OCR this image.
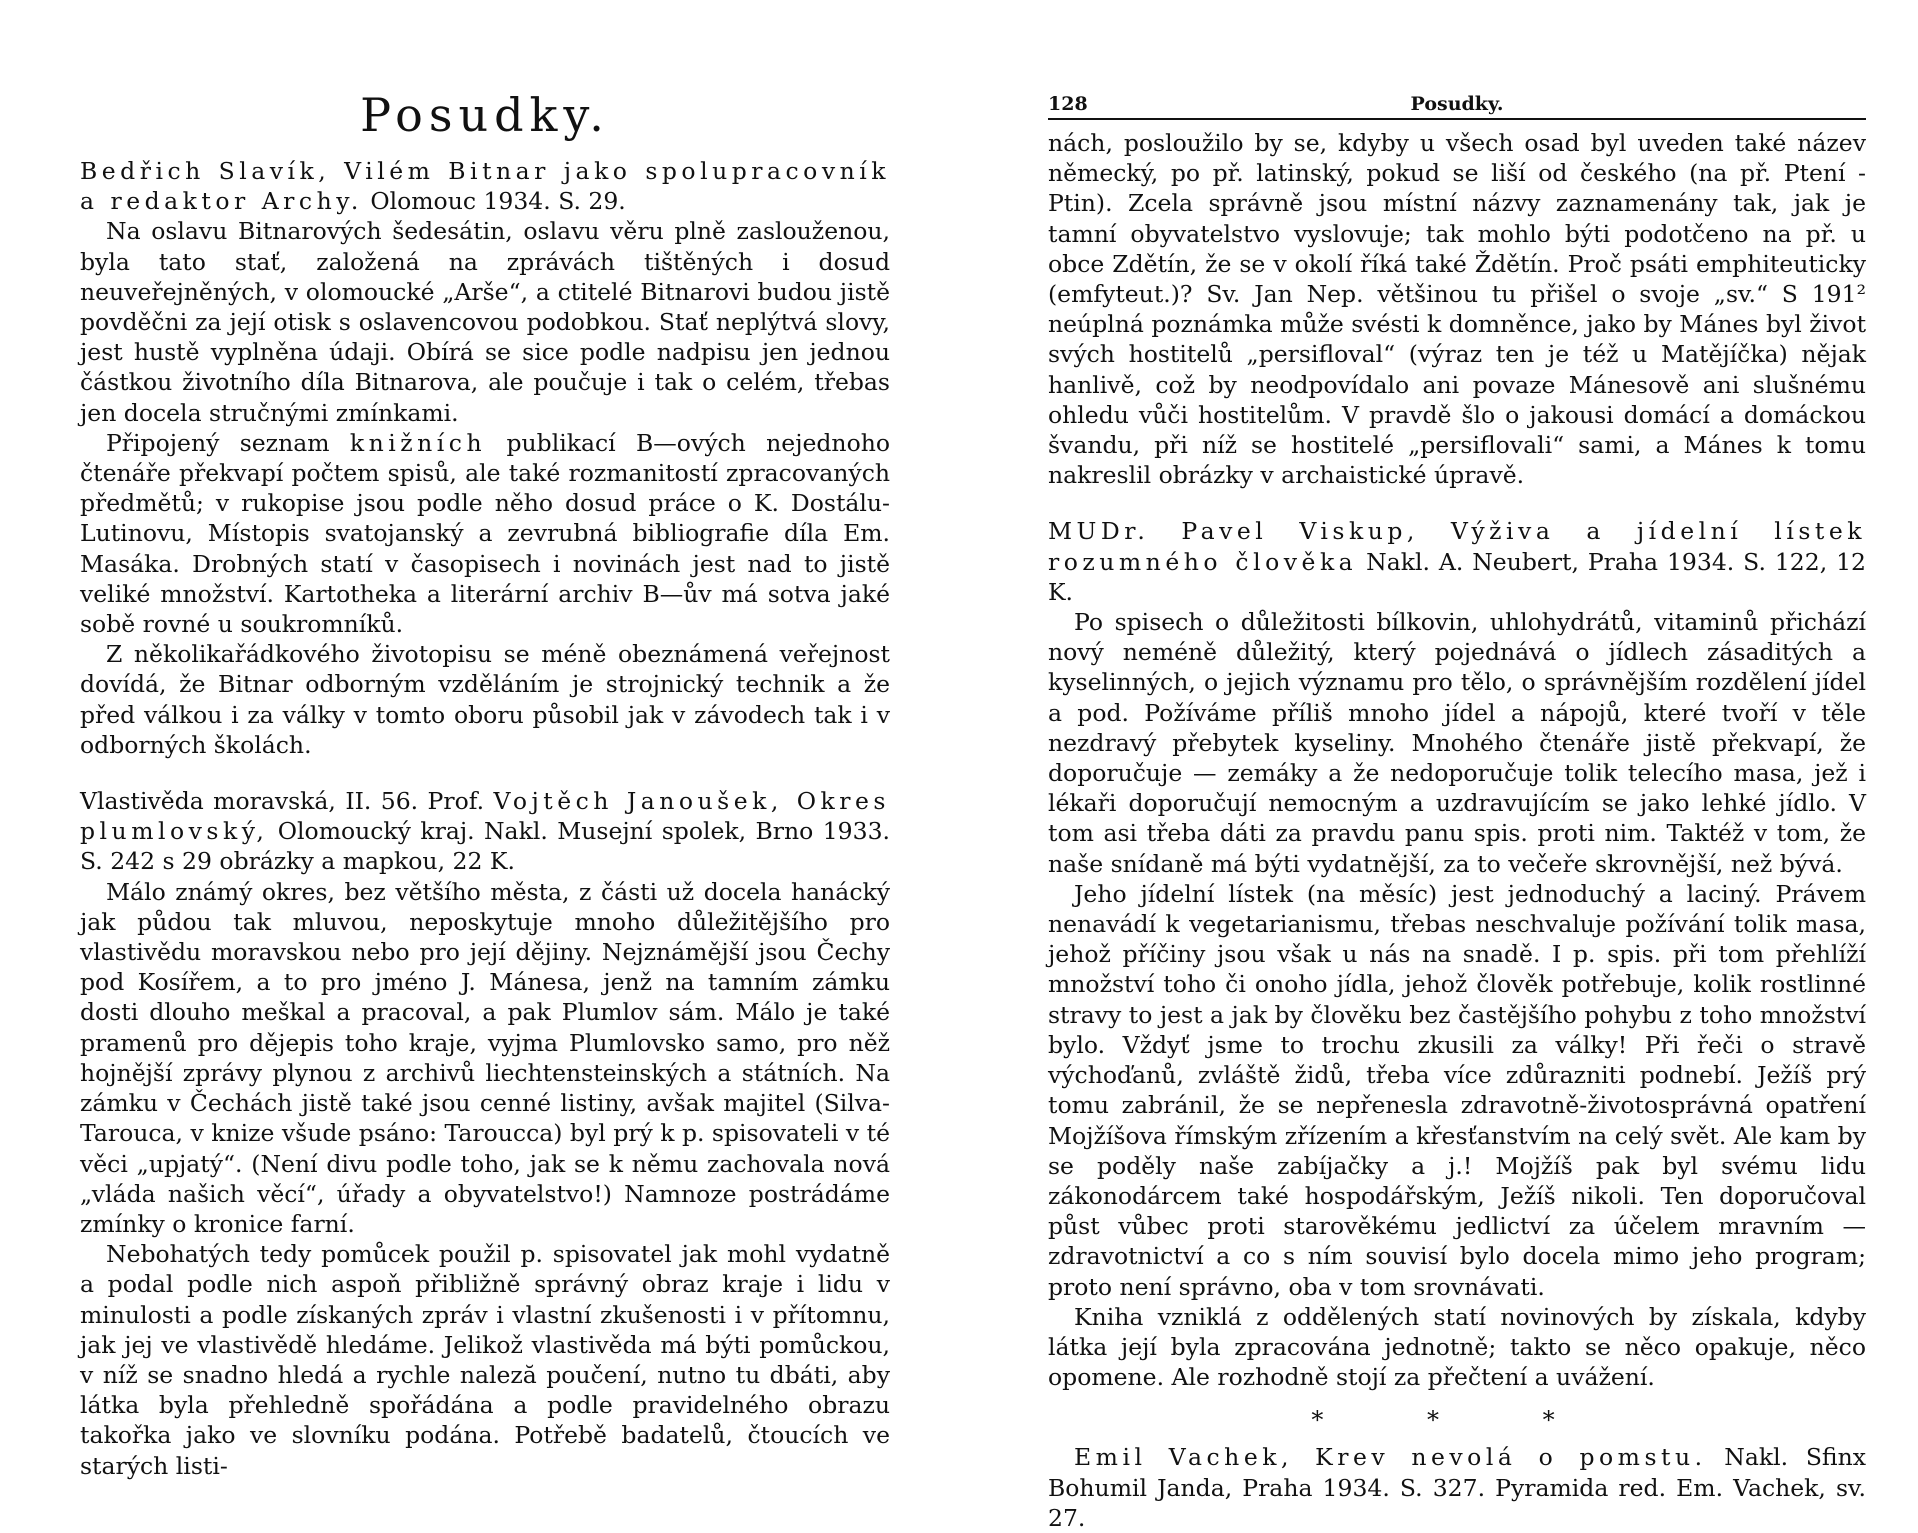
Posudky.

Bedřich Slavík, Vilém Bitnar jako spolupracovník a redaktor Archy. Olomouc 1934. S. 29.

Na oslavu Bitnarových šedesátin, oslavu věru plně zaslouženou, byla tato stať, založená na zprávách tištěných i dosud neuveřejněných, v olomoucké „Arše“, a ctitelé Bitnarovi budou jistě povděčni za její otisk s oslavencovou podobkou. Stať neplýtvá slovy, jest hustě vyplněna údaji. Obírá se sice podle nadpisu jen jednou částkou životního díla Bitnarova, ale poučuje i tak o celém, třebas jen docela stručnými zmínkami.

Připojený seznam knižních publikací B—ových nejednoho čtenáře překvapí počtem spisů, ale také rozmanitostí zpracovaných předmětů; v rukopise jsou podle něho dosud práce o K. Dostálu-Lutinovu, Místopis svatojanský a zevrubná bibliografie díla Em. Masáka. Drobných statí v časopisech i novinách jest nad to jistě veliké množství. Kartotheka a literární archiv B—ův má sotva jaké sobě rovné u soukromníků.

Z několikařádkového životopisu se méně obeznámená veřejnost dovídá, že Bitnar odborným vzděláním je strojnický technik a že před válkou i za války v tomto oboru působil jak v závodech tak i v odborných školách.

Vlastivěda moravská, II. 56. Prof. Vojtěch Janoušek, Okres plumlovský, Olomoucký kraj. Nakl. Musejní spolek, Brno 1933. S. 242 s 29 obrázky a mapkou, 22 K.

Málo známý okres, bez většího města, z části už docela hanácký jak půdou tak mluvou, neposkytuje mnoho důležitějšího pro vlastivědu moravskou nebo pro její dějiny. Nejznámější jsou Čechy pod Kosířem, a to pro jméno J. Mánesa, jenž na tamním zámku dosti dlouho meškal a pracoval, a pak Plumlov sám. Málo je také pramenů pro dějepis toho kraje, vyjma Plumlovsko samo, pro něž hojnější zprávy plynou z archivů liechtensteinských a státních. Na zámku v Čechách jistě také jsou cenné listiny, avšak majitel (Silva-Tarouca, v knize všude psáno: Taroucca) byl prý k p. spisovateli v té věci „upjatý“. (Není divu podle toho, jak se k němu zachovala nová „vláda našich věcí“, úřady a obyvatelstvo!) Namnoze postrádáme zmínky o kronice farní.

Nebohatých tedy pomůcek použil p. spisovatel jak mohl vydatně a podal podle nich aspoň přibližně správný obraz kraje i lidu v minulosti a podle získaných zpráv i vlastní zkušenosti i v přítomnu, jak jej ve vlastivědě hledáme. Jelikož vlastivěda má býti pomůckou, v níž se snadno hledá a rychle naleză poučení, nutno tu dbáti, aby látka byla přehledně spořádána a podle pravidelného obrazu takořka jako ve slovníku podána. Potřebě badatelů, čtoucích ve starých listi-

128	Posudky.

nách, posloužilo by se, kdyby u všech osad byl uveden také název německý, po př. latinský, pokud se liší od českého (na př. Ptení - Ptin). Zcela správně jsou místní názvy zaznamenány tak, jak je tamní obyvatelstvo vyslovuje; tak mohlo býti podotčeno na př. u obce Zdětín, že se v okolí říká také Ždětín. Proč psáti emphiteuticky (emfyteut.)? Sv. Jan Nep. většinou tu přišel o svoje „sv.“ S 191² neúplná poznámka může svésti k domněnce, jako by Mánes byl život svých hostitelů „persifloval“ (výraz ten je též u Matějíčka) nějak hanlivě, což by neodpovídalo ani povaze Mánesově ani slušnému ohledu vůči hostitelům. V pravdě šlo o jakousi domácí a domáckou švandu, při níž se hostitelé „persiflovali“ sami, a Mánes k tomu nakreslil obrázky v archaistické úpravě.

MUDr. Pavel Viskup, Výživa a jídelní lístek rozumného člověka Nakl. A. Neubert, Praha 1934. S. 122, 12 K.

Po spisech o důležitosti bílkovin, uhlohydrátů, vitaminů přichází nový neméně důležitý, který pojednává o jídlech zásaditých a kyselinných, o jejich významu pro tělo, o správnějším rozdělení jídel a pod. Požíváme příliš mnoho jídel a nápojů, které tvoří v těle nezdravý přebytek kyseliny. Mnohého čtenáře jistě překvapí, že doporučuje — zemáky a že nedoporučuje tolik telecího masa, jež i lékaři doporučují nemocným a uzdravujícím se jako lehké jídlo. V tom asi třeba dáti za pravdu panu spis. proti nim. Taktéž v tom, že naše snídaně má býti vydatnější, za to večeře skrovnější, než bývá.

Jeho jídelní lístek (na měsíc) jest jednoduchý a laciný. Právem nenavádí k vegetarianismu, třebas neschvaluje požívání tolik masa, jehož příčiny jsou však u nás na snadě. I p. spis. při tom přehlíží množství toho či onoho jídla, jehož člověk potřebuje, kolik rostlinné stravy to jest a jak by člověku bez častějšího pohybu z toho množství bylo. Vždyť jsme to trochu zkusili za války! Při řeči o stravě výchoďanů, zvláště židů, třeba více zdůrazniti podnebí. Ježíš prý tomu zabránil, že se nepřenesla zdravotně-životosprávná opatření Mojžíšova římským zřízením a křesťanstvím na celý svět. Ale kam by se poděly naše zabíjačky a j.! Mojžíš pak byl svému lidu zákonodárcem také hospodářským, Ježíš nikoli. Ten doporučoval půst vůbec proti starověkému jedlictví za účelem mravním — zdravotnictví a co s ním souvisí bylo docela mimo jeho program; proto není správno, oba v tom srovnávati.

Kniha vzniklá z oddělených statí novinových by získala, kdyby látka její byla zpracována jednotně; takto se něco opakuje, něco opomene. Ale rozhodně stojí za přečtení a uvážení.

* * *

Emil Vachek, Krev nevolá o pomstu. Nakl. Sfinx Bohumil Janda, Praha 1934. S. 327. Pyramida red. Em. Vachek, sv. 27.
